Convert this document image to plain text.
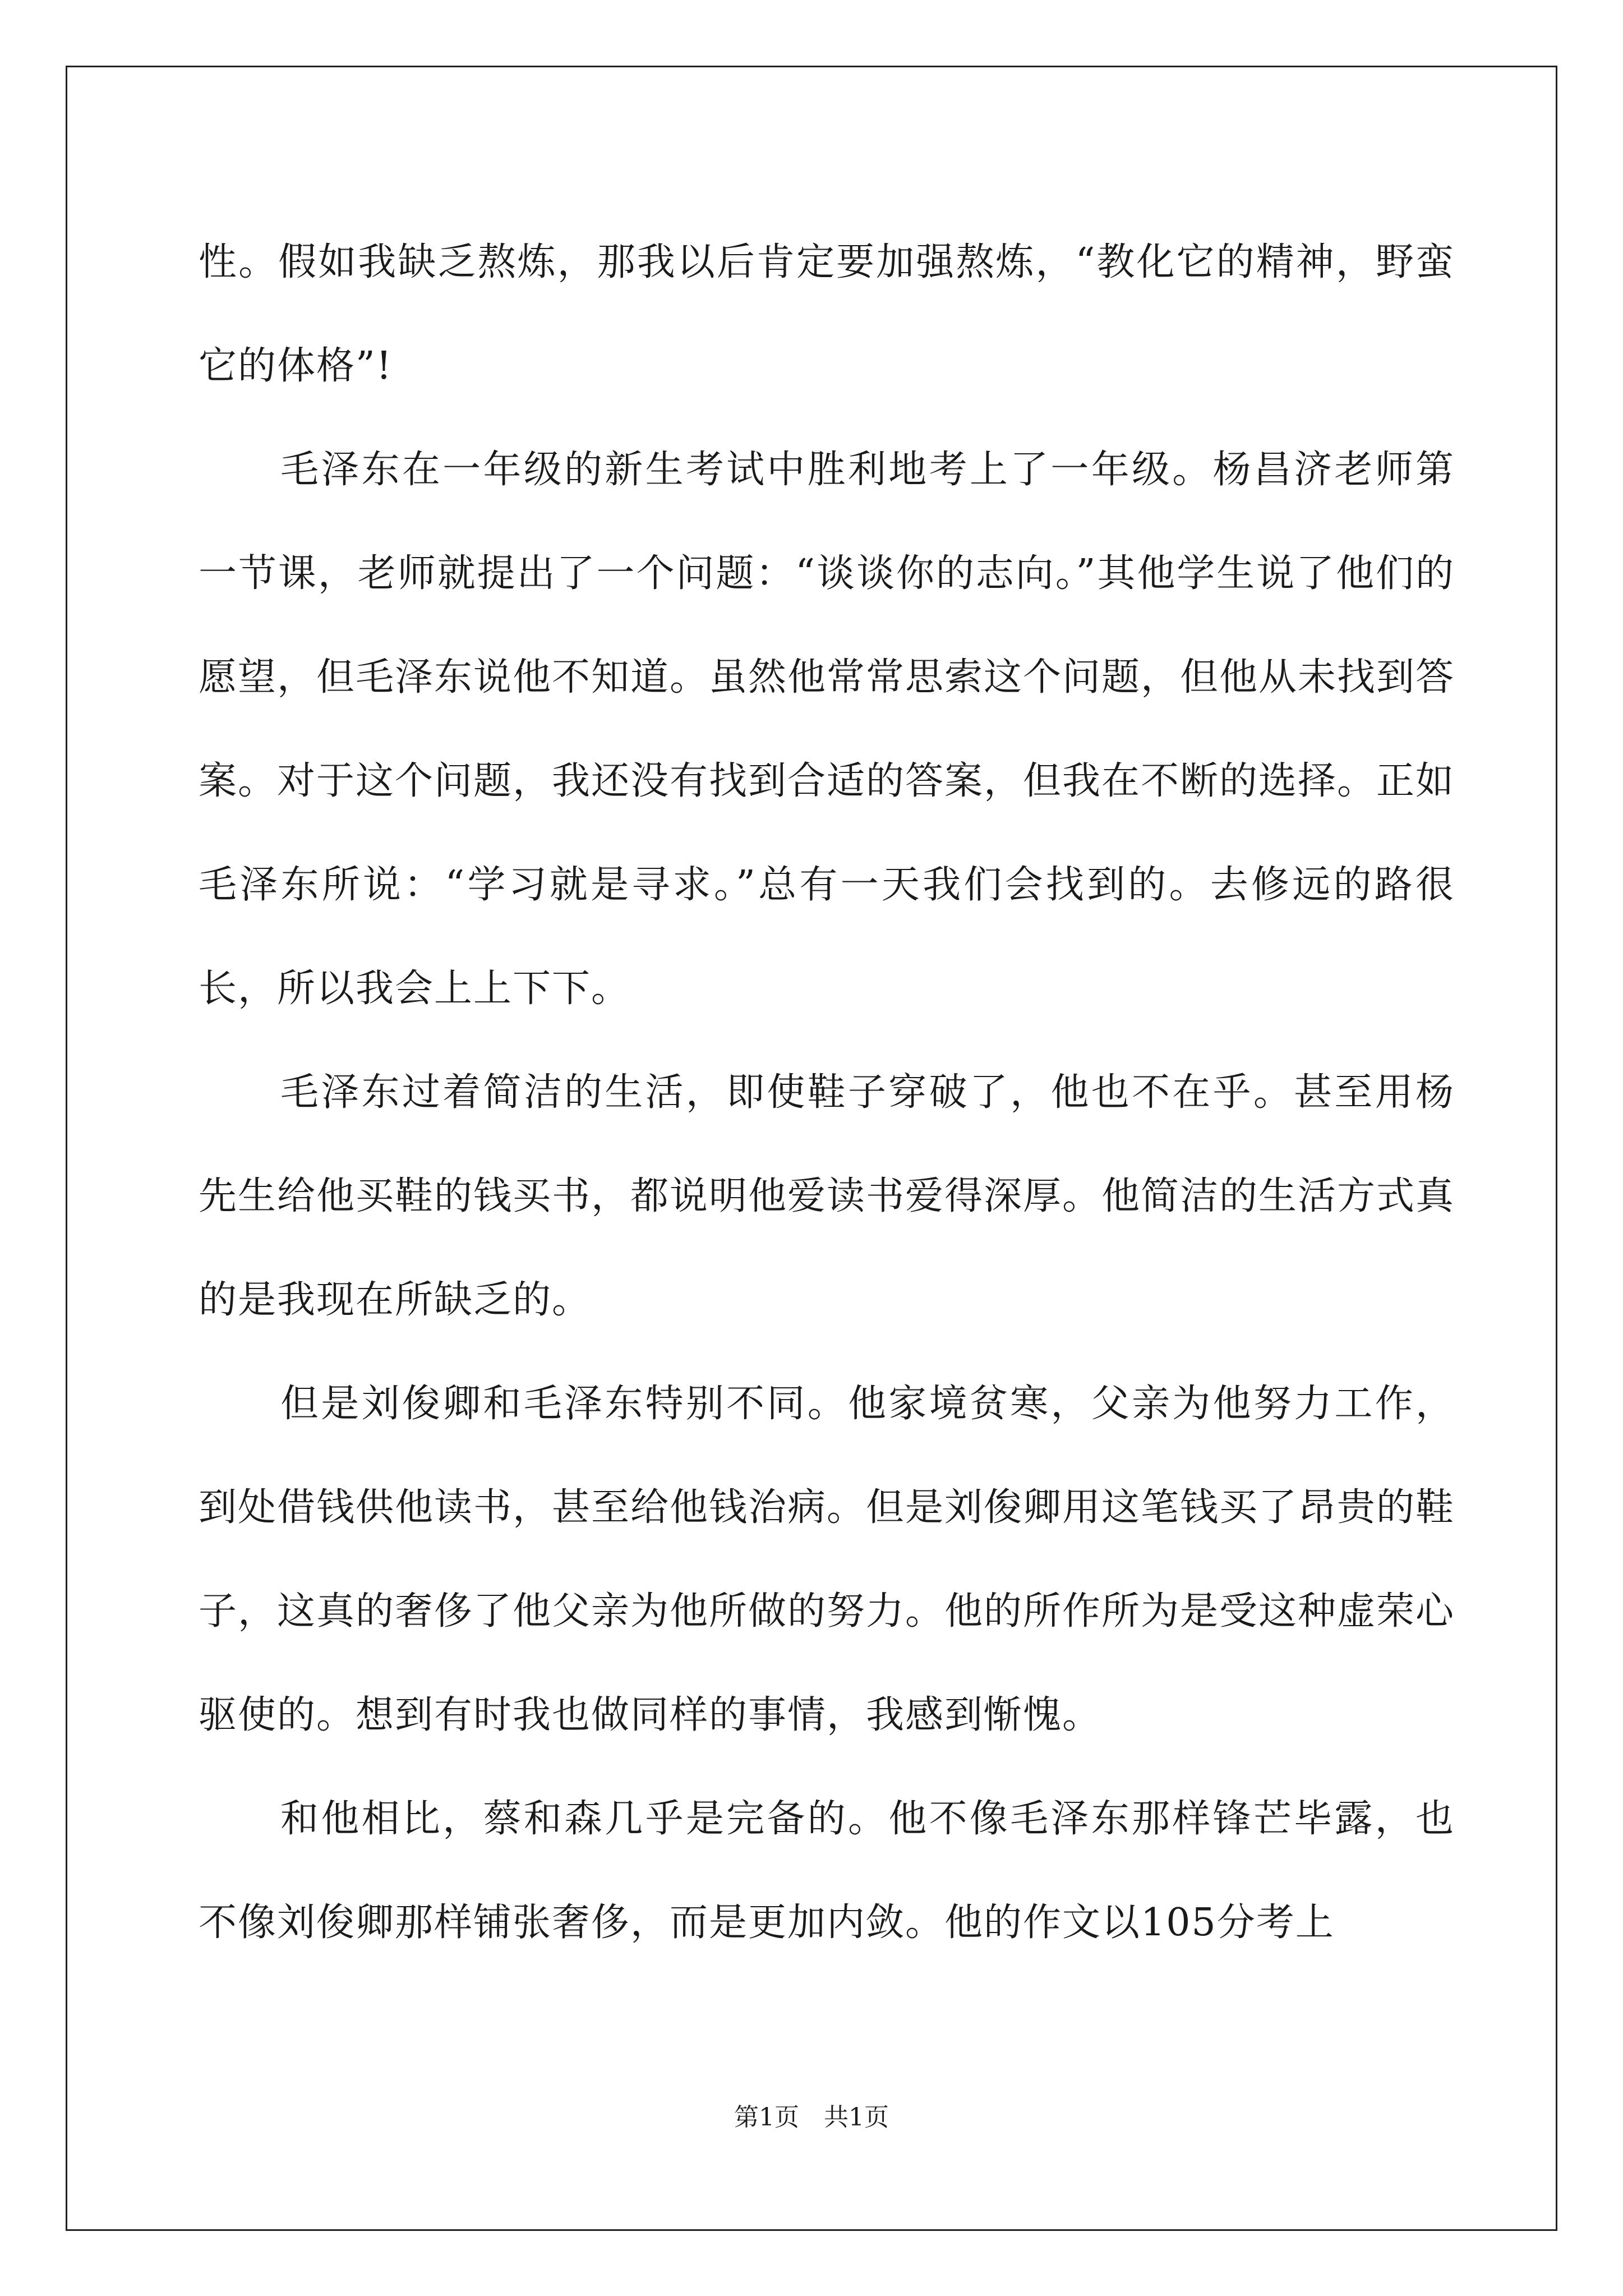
性。假如我缺乏熬炼，那我以后肯定要加强熬炼，“教化它的精神，野蛮它的体格”!

毛泽东在一年级的新生考试中胜利地考上了一年级。杨昌济老师第一节课，老师就提出了一个问题：“谈谈你的志向。”其他学生说了他们的愿望，但毛泽东说他不知道。虽然他常常思索这个问题，但他从未找到答案。对于这个问题，我还没有找到合适的答案，但我在不断的选择。正如毛泽东所说：“学习就是寻求。”总有一天我们会找到的。去修远的路很长，所以我会上上下下。

毛泽东过着简洁的生活，即使鞋子穿破了，他也不在乎。甚至用杨先生给他买鞋的钱买书，都说明他爱读书爱得深厚。他简洁的生活方式真的是我现在所缺乏的。

但是刘俊卿和毛泽东特别不同。他家境贫寒，父亲为他努力工作，到处借钱供他读书，甚至给他钱治病。但是刘俊卿用这笔钱买了昂贵的鞋子，这真的奢侈了他父亲为他所做的努力。他的所作所为是受这种虚荣心驱使的。想到有时我也做同样的事情，我感到惭愧。

和他相比，蔡和森几乎是完备的。他不像毛泽东那样锋芒毕露，也不像刘俊卿那样铺张奢侈，而是更加内敛。他的作文以105分考上

第1页　共1页
